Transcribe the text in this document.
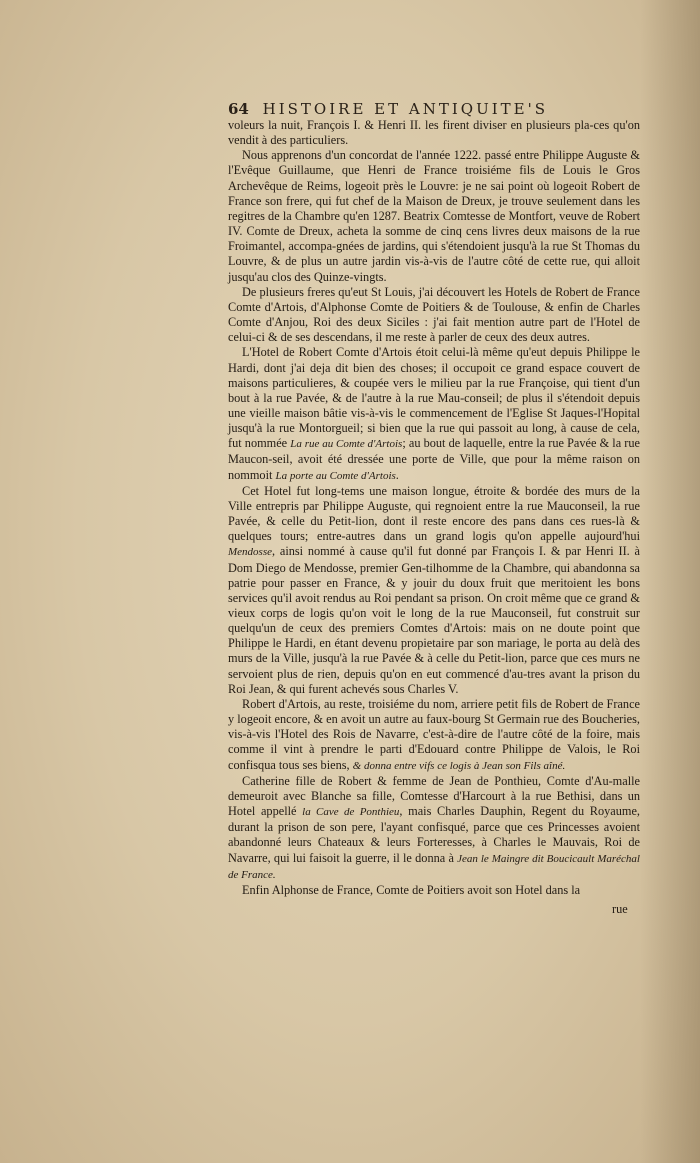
64 HISTOIRE ET ANTIQUITE'S

voleurs la nuit, François I. & Henri II. les firent diviser en plusieurs pla-ces qu'on vendit à des particuliers.

Nous apprenons d'un concordat de l'année 1222. passé entre Philippe Auguste & l'Evêque Guillaume, que Henri de France troisiéme fils de Louis le Gros Archevêque de Reims, logeoit près le Louvre: je ne sai point où logeoit Robert de France son frere, qui fut chef de la Maison de Dreux, je trouve seulement dans les regitres de la Chambre qu'en 1287. Beatrix Comtesse de Montfort, veuve de Robert IV. Comte de Dreux, acheta la somme de cinq cens livres deux maisons de la rue Froimantel, accompa-gnées de jardins, qui s'étendoient jusqu'à la rue St Thomas du Louvre, & de plus un autre jardin vis-à-vis de l'autre côté de cette rue, qui alloit jusqu'au clos des Quinze-vingts.

De plusieurs freres qu'eut St Louis, j'ai découvert les Hotels de Robert de France Comte d'Artois, d'Alphonse Comte de Poitiers & de Toulouse, & enfin de Charles Comte d'Anjou, Roi des deux Siciles : j'ai fait mention autre part de l'Hotel de celui-ci & de ses descendans, il me reste à parler de ceux des deux autres.

L'Hotel de Robert Comte d'Artois étoit celui-là même qu'eut depuis Philippe le Hardi, dont j'ai deja dit bien des choses; il occupoit ce grand espace couvert de maisons particulieres, & coupée vers le milieu par la rue Françoise, qui tient d'un bout à la rue Pavée, & de l'autre à la rue Mau-conseil; de plus il s'étendoit depuis une vieille maison bâtie vis-à-vis le commencement de l'Eglise St Jaques-l'Hopital jusqu'à la rue Montorgueil; si bien que la rue qui passoit au long, à cause de cela, fut nommée La rue au Comte d'Artois; au bout de laquelle, entre la rue Pavée & la rue Maucon-seil, avoit été dressée une porte de Ville, que pour la même raison on nommoit La porte au Comte d'Artois.

Cet Hotel fut long-tems une maison longue, étroite & bordée des murs de la Ville entrepris par Philippe Auguste, qui regnoient entre la rue Mauconseil, la rue Pavée, & celle du Petit-lion, dont il reste encore des pans dans ces rues-là & quelques tours; entre-autres dans un grand logis qu'on appelle aujourd'hui Mendosse, ainsi nommé à cause qu'il fut donné par François I. & par Henri II. à Dom Diego de Mendosse, premier Gen-tilhomme de la Chambre, qui abandonna sa patrie pour passer en France, & y jouir du doux fruit que meritoient les bons services qu'il avoit rendus au Roi pendant sa prison. On croit même que ce grand & vieux corps de logis qu'on voit le long de la rue Mauconseil, fut construit sur quelqu'un de ceux des premiers Comtes d'Artois: mais on ne doute point que Philippe le Hardi, en étant devenu propietaire par son mariage, le porta au delà des murs de la Ville, jusqu'à la rue Pavée & à celle du Petit-lion, parce que ces murs ne servoient plus de rien, depuis qu'on en eut commencé d'au-tres avant la prison du Roi Jean, & qui furent achevés sous Charles V.

Robert d'Artois, au reste, troisiéme du nom, arriere petit fils de Robert de France y logeoit encore, & en avoit un autre au faux-bourg St Germain rue des Boucheries, vis-à-vis l'Hotel des Rois de Navarre, c'est-à-dire de l'autre côté de la foire, mais comme il vint à prendre le parti d'Edouard contre Philippe de Valois, le Roi confisqua tous ses biens, & donna entre vifs ce logis à Jean son Fils aîné.

Catherine fille de Robert & femme de Jean de Ponthieu, Comte d'Au-malle demeuroit avec Blanche sa fille, Comtesse d'Harcourt à la rue Bethisi, dans un Hotel appellé la Cave de Ponthieu, mais Charles Dauphin, Regent du Royaume, durant la prison de son pere, l'ayant confisqué, parce que ces Princesses avoient abandonné leurs Chateaux & leurs Forteresses, à Charles le Mauvais, Roi de Navarre, qui lui faisoit la guerre, il le donna à Jean le Maingre dit Boucicault Maréchal de France.

Enfin Alphonse de France, Comte de Poitiers avoit son Hotel dans la

rue
